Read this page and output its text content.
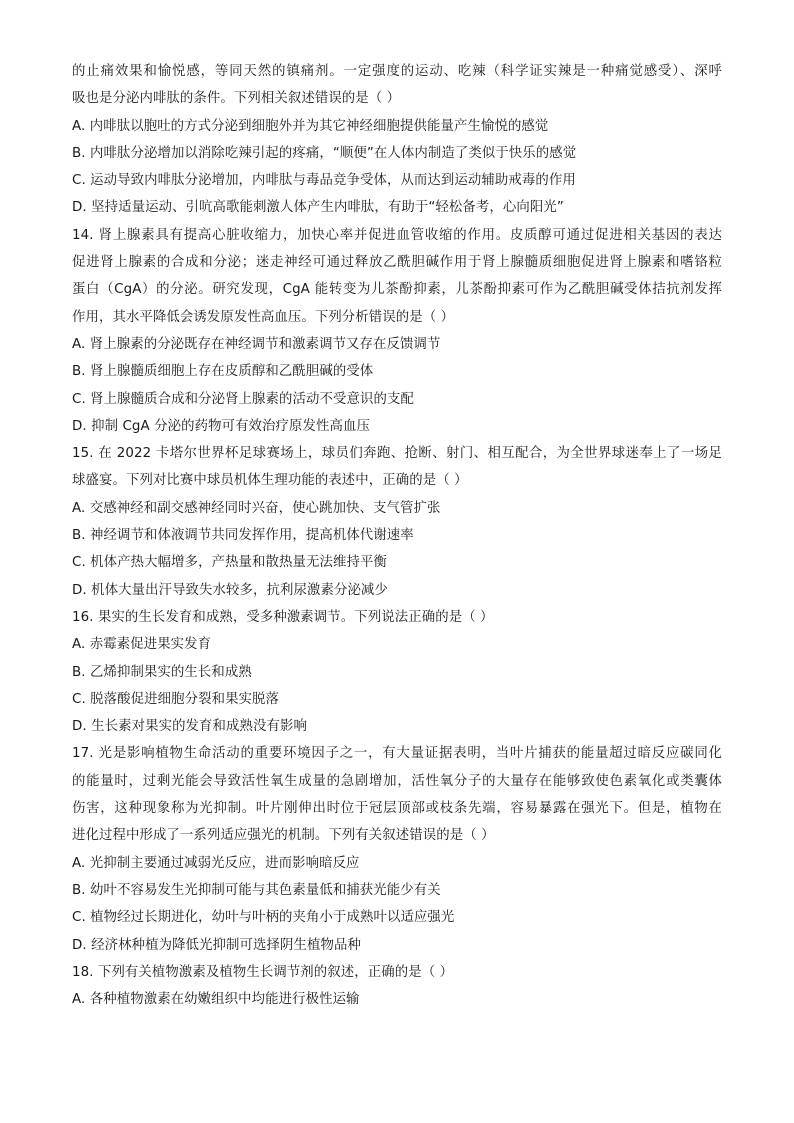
的止痛效果和愉悦感，等同天然的镇痛剂。一定强度的运动、吃辣（科学证实辣是一种痛觉感受）、深呼
吸也是分泌内啡肽的条件。下列相关叙述错误的是（ ）
A. 内啡肽以胞吐的方式分泌到细胞外并为其它神经细胞提供能量产生愉悦的感觉
B. 内啡肽分泌增加以消除吃辣引起的疼痛，“顺便”在人体内制造了类似于快乐的感觉
C. 运动导致内啡肽分泌增加，内啡肽与毒品竞争受体，从而达到运动辅助戒毒的作用
D. 坚持适量运动、引吭高歌能刺激人体产生内啡肽，有助于“轻松备考，心向阳光”
14. 肾上腺素具有提高心脏收缩力，加快心率并促进血管收缩的作用。皮质醇可通过促进相关基因的表达
促进肾上腺素的合成和分泌；迷走神经可通过释放乙酰胆碱作用于肾上腺髓质细胞促进肾上腺素和嗜铬粒
蛋白（CgA）的分泌。研究发现，CgA 能转变为儿茶酚抑素，儿茶酚抑素可作为乙酰胆碱受体拮抗剂发挥
作用，其水平降低会诱发原发性高血压。下列分析错误的是（ ）
A. 肾上腺素的分泌既存在神经调节和激素调节又存在反馈调节
B. 肾上腺髓质细胞上存在皮质醇和乙酰胆碱的受体
C. 肾上腺髓质合成和分泌肾上腺素的活动不受意识的支配
D. 抑制 CgA 分泌的药物可有效治疗原发性高血压
15. 在 2022 卡塔尔世界杯足球赛场上，球员们奔跑、抢断、射门、相互配合，为全世界球迷奉上了一场足
球盛宴。下列对比赛中球员机体生理功能的表述中，正确的是（ ）
A. 交感神经和副交感神经同时兴奋，使心跳加快、支气管扩张
B. 神经调节和体液调节共同发挥作用，提高机体代谢速率
C. 机体产热大幅增多，产热量和散热量无法维持平衡
D. 机体大量出汗导致失水较多，抗利尿激素分泌减少
16. 果实的生长发育和成熟，受多种激素调节。下列说法正确的是（ ）
A. 赤霉素促进果实发育
B. 乙烯抑制果实的生长和成熟
C. 脱落酸促进细胞分裂和果实脱落
D. 生长素对果实的发育和成熟没有影响
17. 光是影响植物生命活动的重要环境因子之一，有大量证据表明，当叶片捕获的能量超过暗反应碳同化
的能量时，过剩光能会导致活性氧生成量的急剧增加，活性氧分子的大量存在能够致使色素氧化或类囊体
伤害，这种现象称为光抑制。叶片刚伸出时位于冠层顶部或枝条先端，容易暴露在强光下。但是，植物在
进化过程中形成了一系列适应强光的机制。下列有关叙述错误的是（ ）
A. 光抑制主要通过减弱光反应，进而影响暗反应
B. 幼叶不容易发生光抑制可能与其色素量低和捕获光能少有关
C. 植物经过长期进化，幼叶与叶柄的夹角小于成熟叶以适应强光
D. 经济林种植为降低光抑制可选择阴生植物品种
18. 下列有关植物激素及植物生长调节剂的叙述，正确的是（ ）
A. 各种植物激素在幼嫩组织中均能进行极性运输
